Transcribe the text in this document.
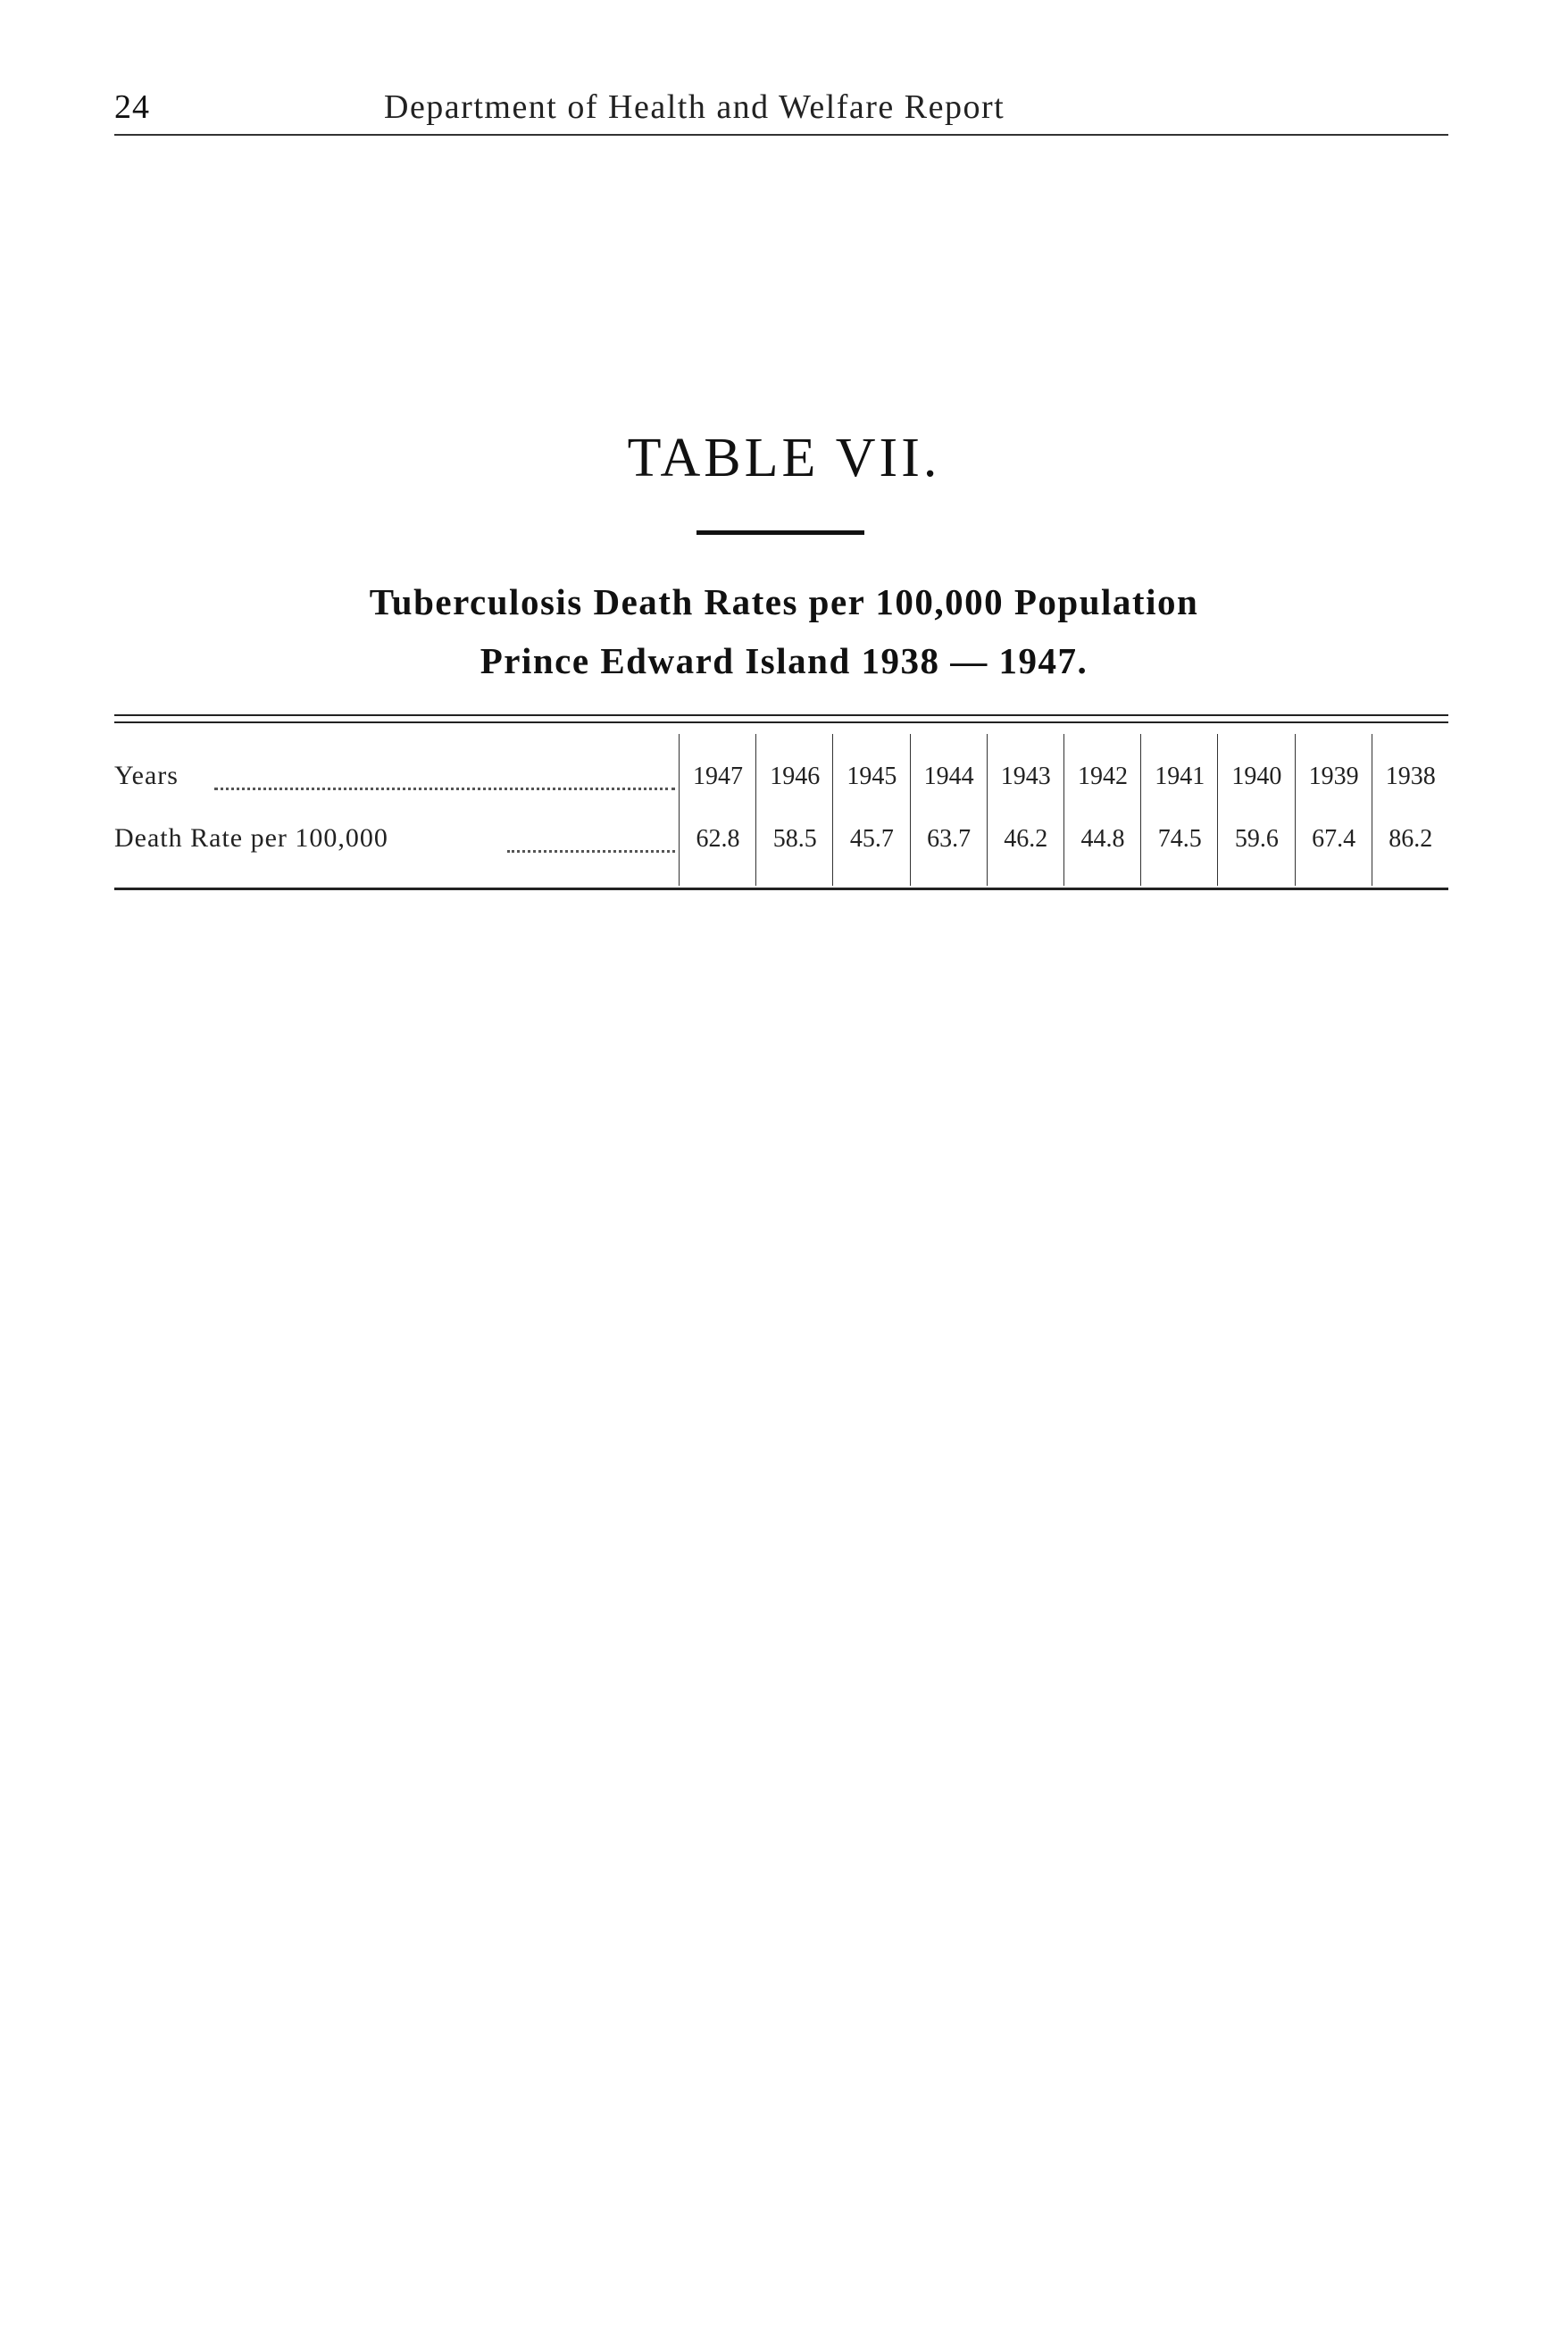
24	Department of Health and Welfare Report
TABLE VII.
Tuberculosis Death Rates per 100,000 Population
Prince Edward Island 1938 — 1947.
Years
Death Rate per 100,000
1947
62.8
1946
58.5
1945
45.7
1944
63.7
1943
46.2
1942
44.8
1941
74.5
1940
59.6
1939
67.4
1938
86.2
